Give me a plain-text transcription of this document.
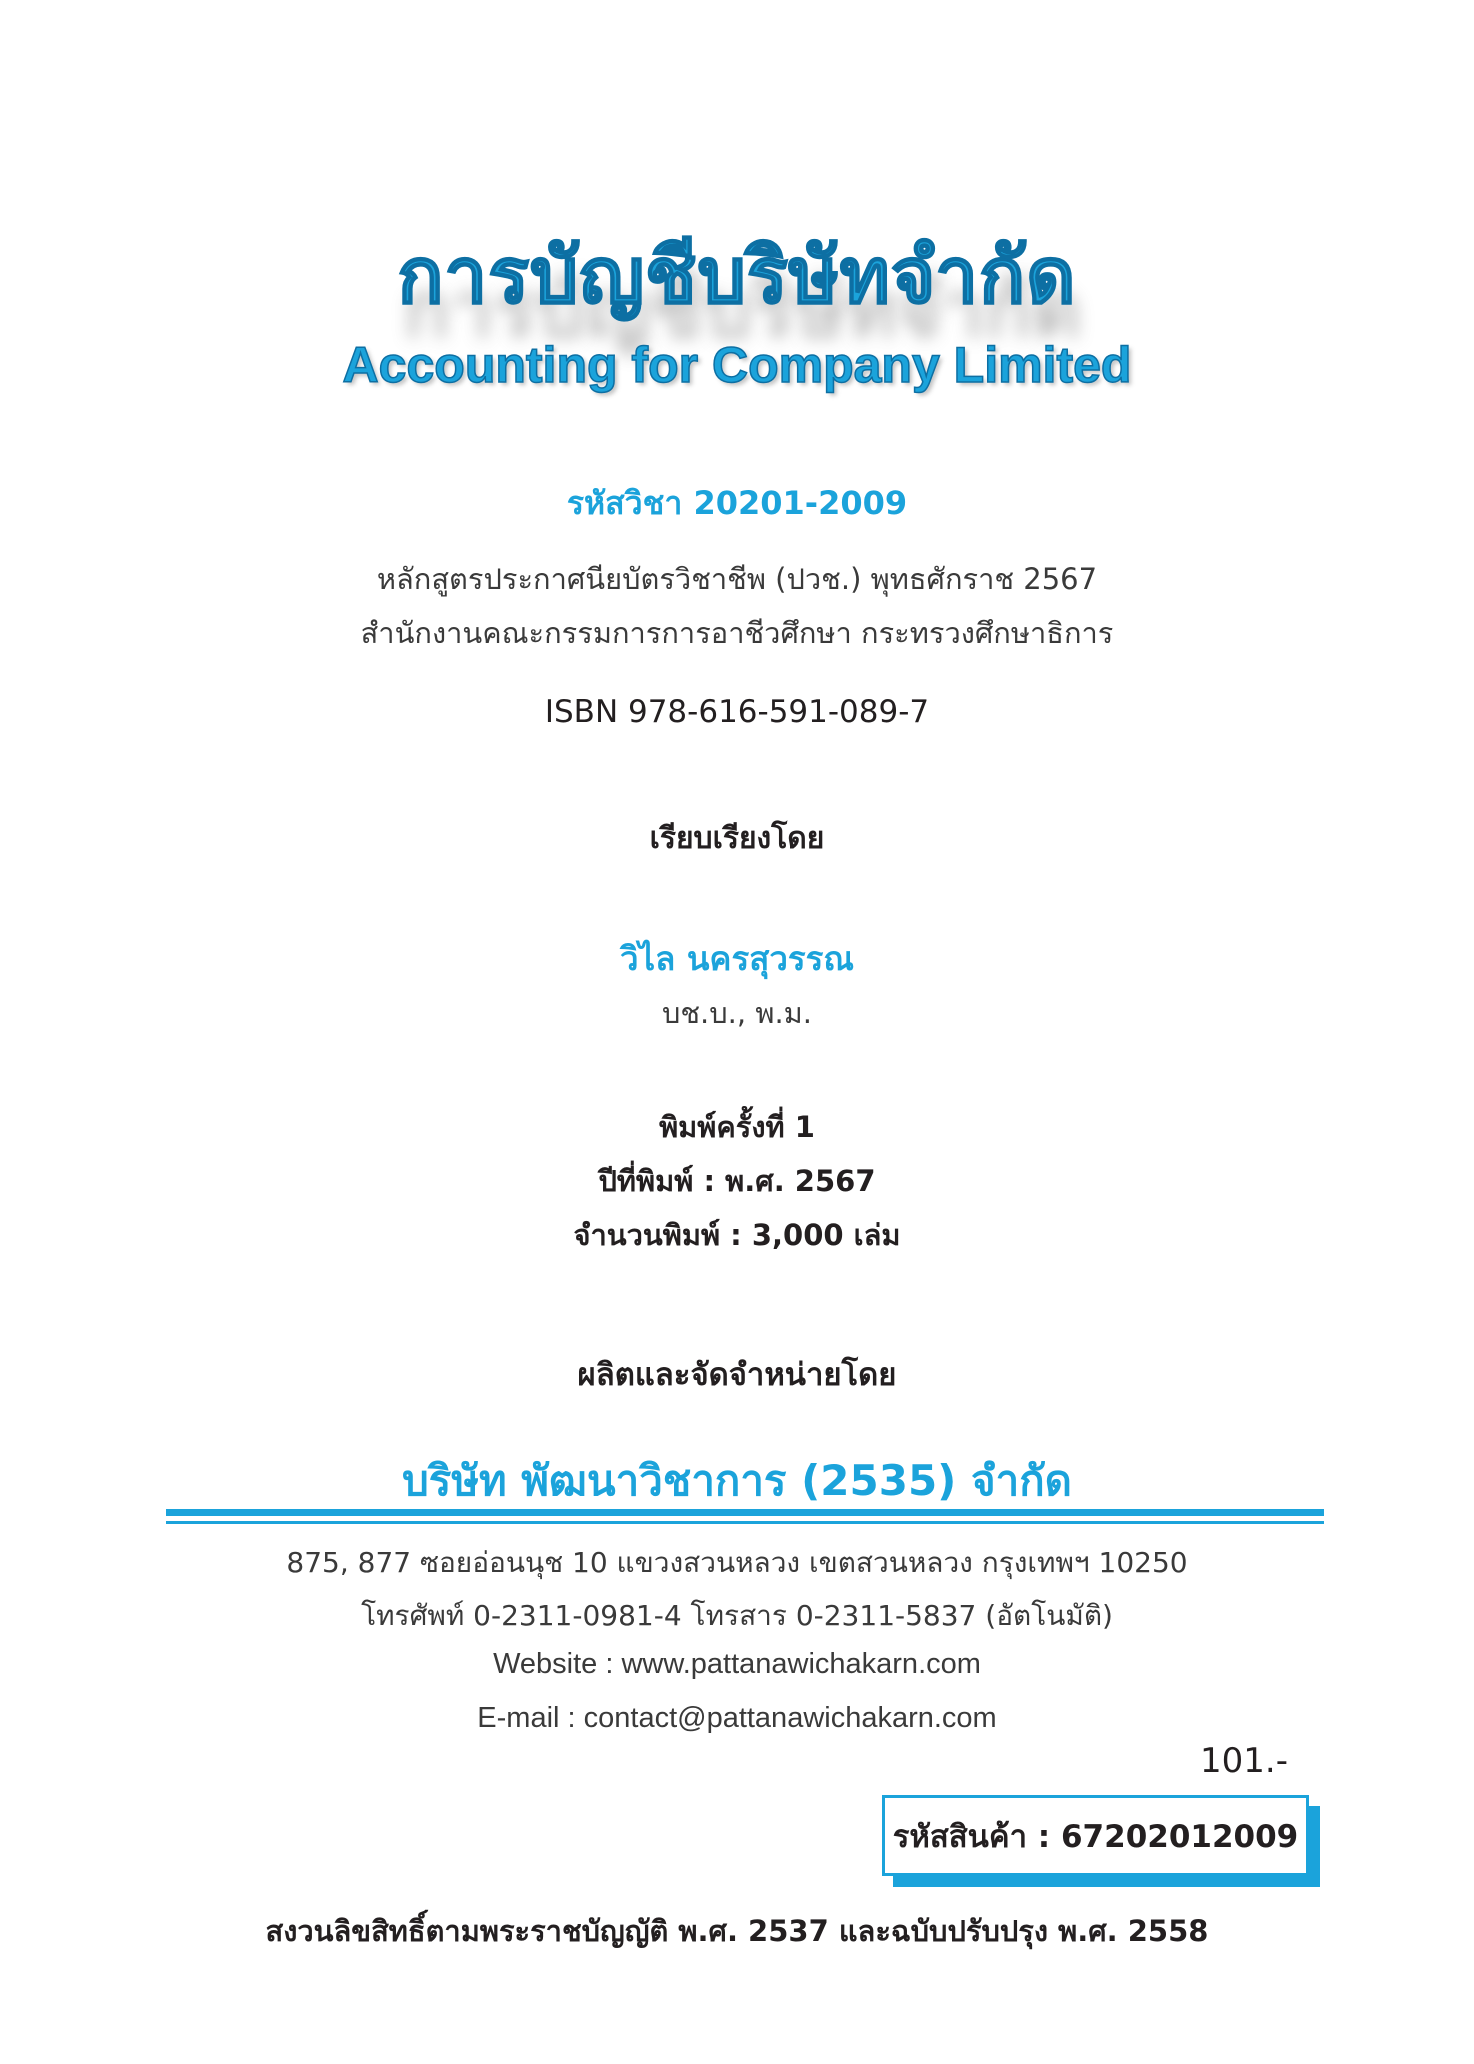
การบัญชีบริษัทจำกัด
Accounting for Company Limited
รหัสวิชา 20201-2009
หลักสูตรประกาศนียบัตรวิชาชีพ (ปวช.) พุทธศักราช 2567
สำนักงานคณะกรรมการการอาชีวศึกษา กระทรวงศึกษาธิการ
ISBN 978-616-591-089-7
เรียบเรียงโดย
วิไล นครสุวรรณ
บช.บ., พ.ม.
พิมพ์ครั้งที่ 1
ปีที่พิมพ์ : พ.ศ. 2567
จำนวนพิมพ์ : 3,000 เล่ม
ผลิตและจัดจำหน่ายโดย
บริษัท พัฒนาวิชาการ (2535) จำกัด
875, 877 ซอยอ่อนนุช 10 แขวงสวนหลวง เขตสวนหลวง กรุงเทพฯ 10250
โทรศัพท์ 0-2311-0981-4 โทรสาร 0-2311-5837 (อัตโนมัติ)
Website : www.pattanawichakarn.com
E-mail : contact@pattanawichakarn.com
101.-
รหัสสินค้า : 67202012009
สงวนลิขสิทธิ์ตามพระราชบัญญัติ พ.ศ. 2537 และฉบับปรับปรุง พ.ศ. 2558
